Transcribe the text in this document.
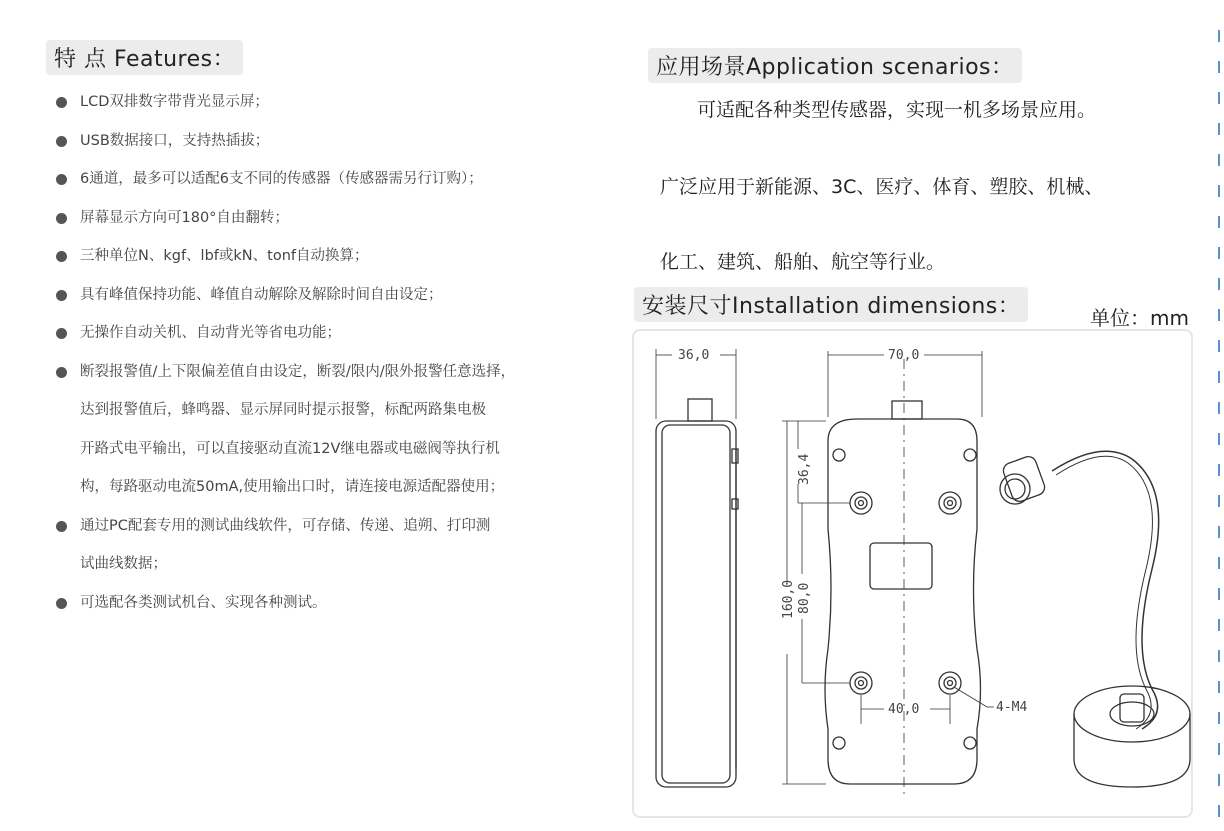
特 点 Features：
LCD双排数字带背光显示屏；
USB数据接口，支持热插拔；
6通道，最多可以适配6支不同的传感器（传感器需另行订购）；
屏幕显示方向可180°自由翻转；
三种单位N、kgf、lbf或kN、tonf自动换算；
具有峰值保持功能、峰值自动解除及解除时间自由设定；
无操作自动关机、自动背光等省电功能；
断裂报警值/上下限偏差值自由设定，断裂/限内/限外报警任意选择，
达到报警值后，蜂鸣器、显示屏同时提示报警，标配两路集电极
开路式电平输出，可以直接驱动直流12V继电器或电磁阀等执行机
构，每路驱动电流50mA,使用输出口时，请连接电源适配器使用；
通过PC配套专用的测试曲线软件，可存储、传递、追朔、打印测
试曲线数据；
可选配各类测试机台、实现各种测试。
应用场景Application scenarios：
可适配各种类型传感器，实现一机多场景应用。
广泛应用于新能源、3C、医疗、体育、塑胶、机械、
化工、建筑、船舶、航空等行业。
安装尺寸Installation dimensions：	单位：mm
36,0	70,0
36,4
160,0 80,0
40,0	4-M4
